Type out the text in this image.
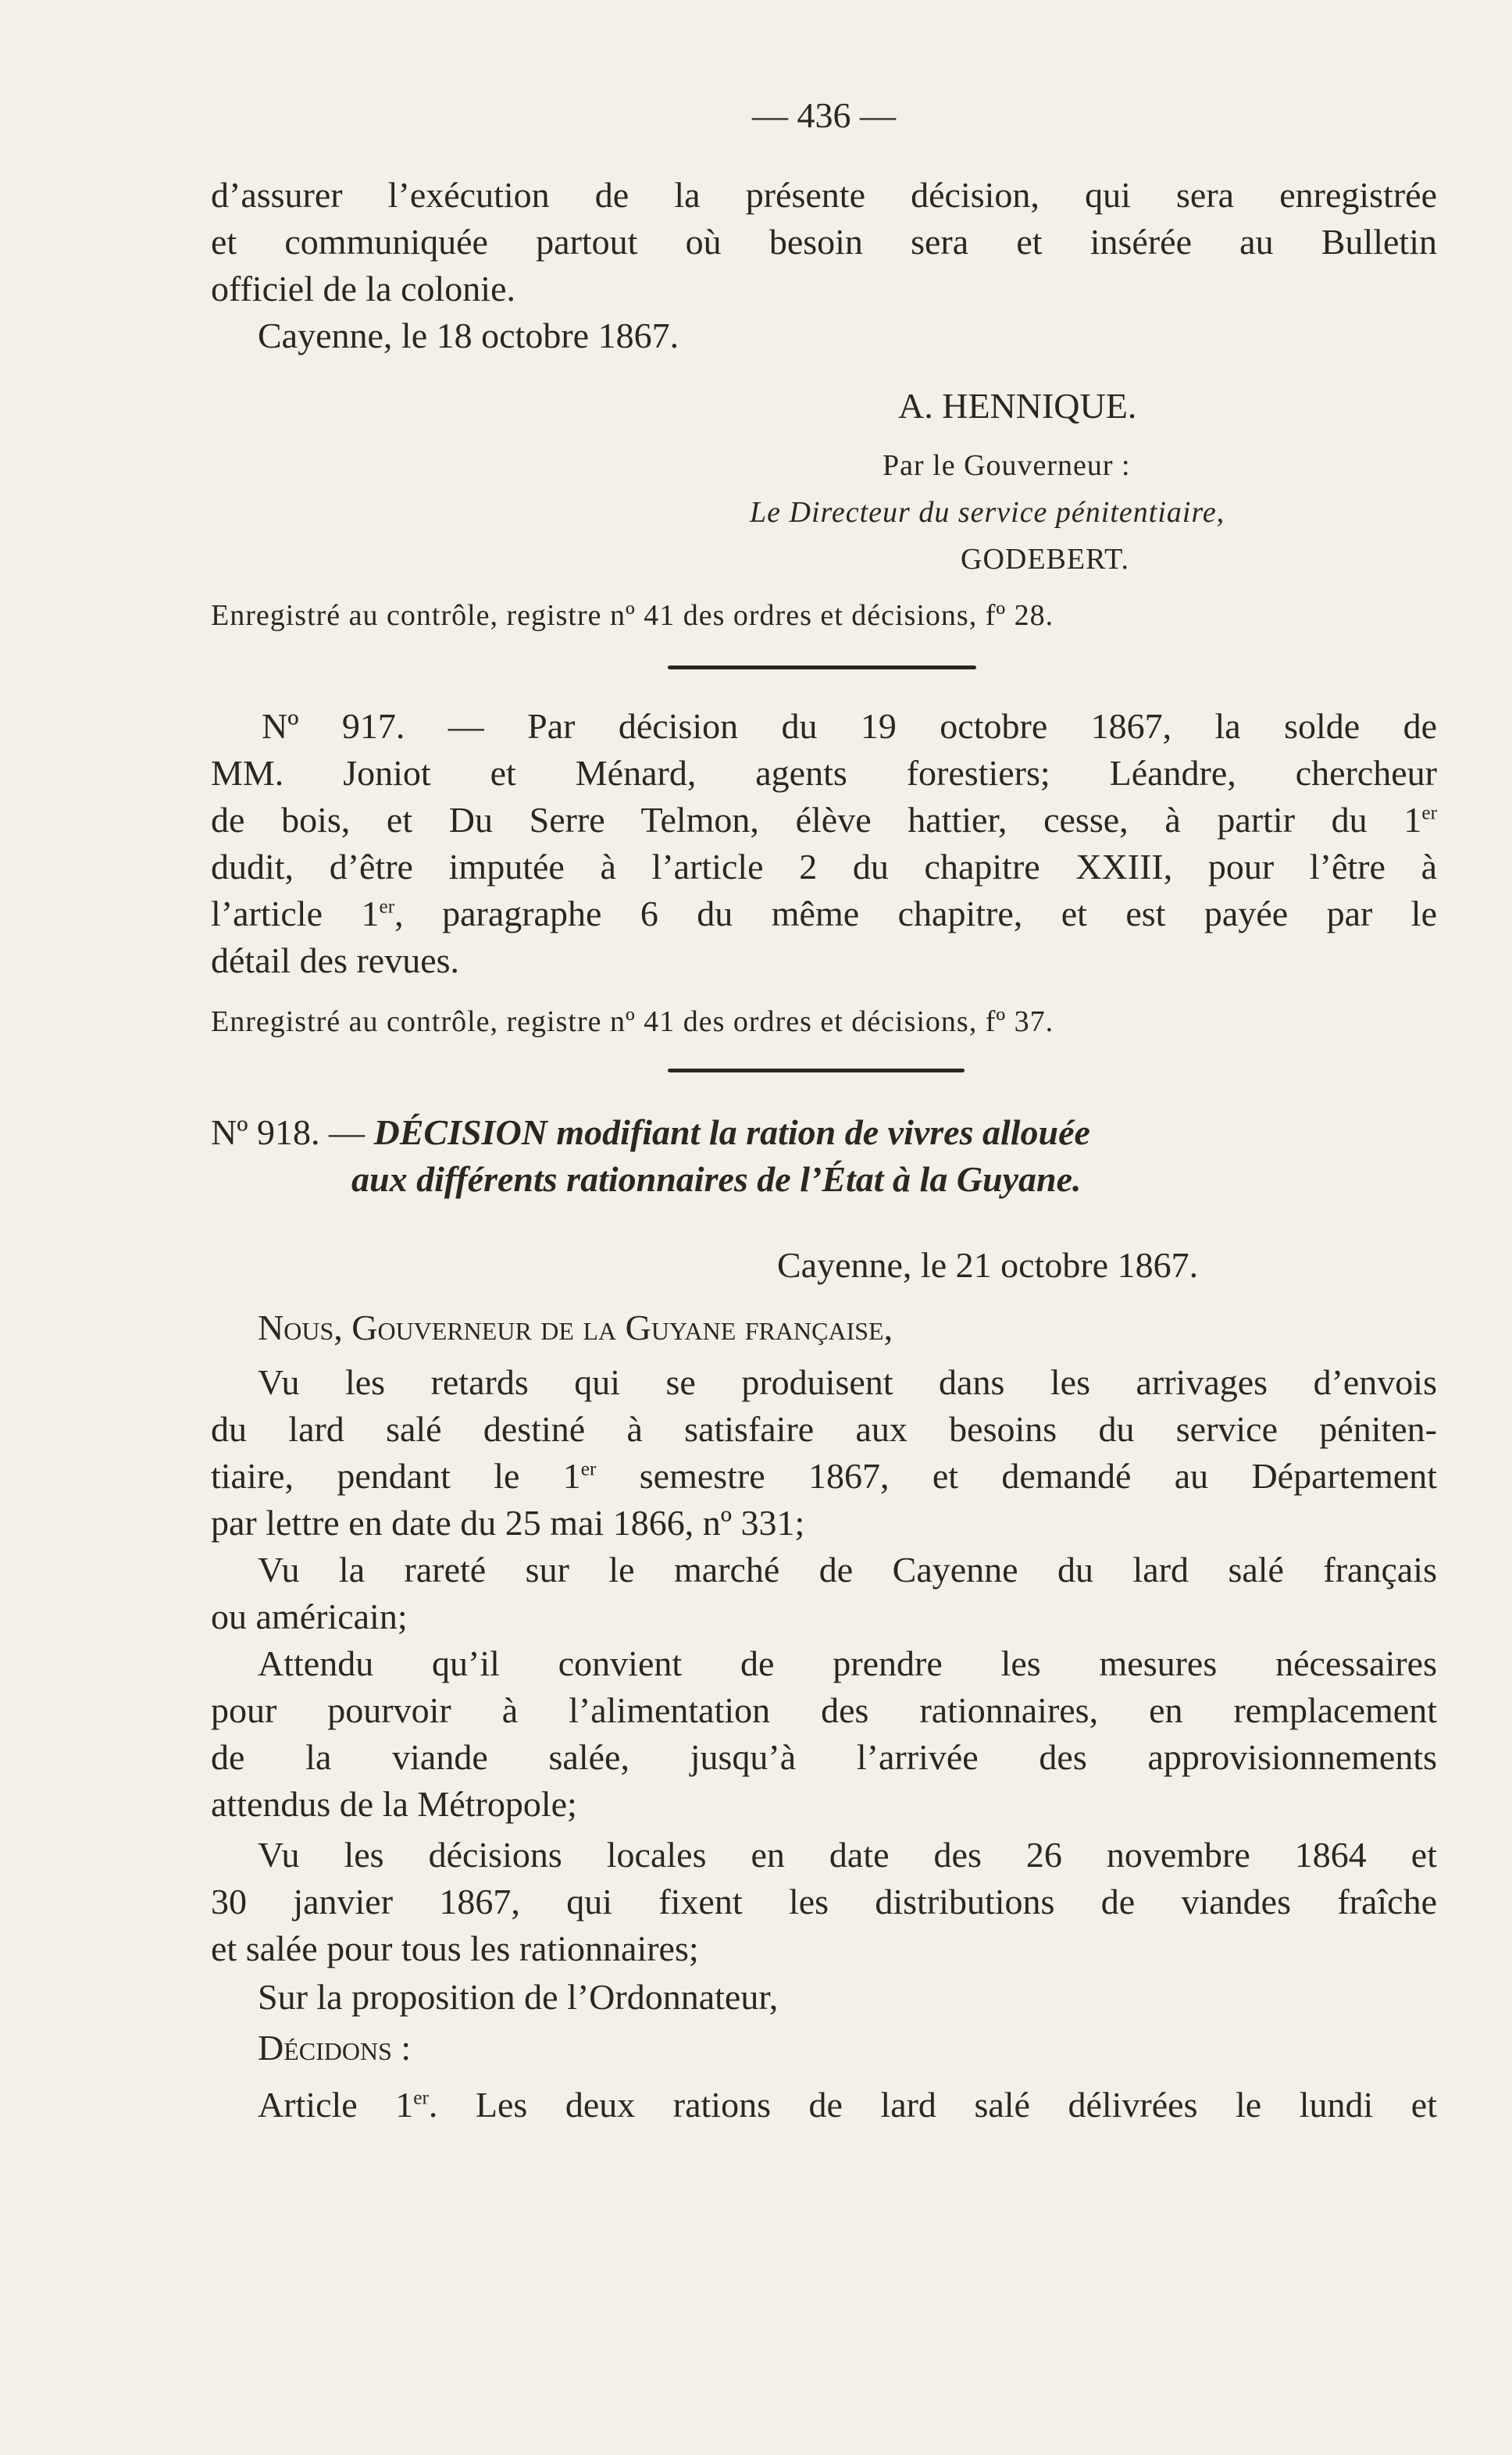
— 436 —
d’assurer l’exécution de la présente décision, qui sera enregistrée
et communiquée partout où besoin sera et insérée au Bulletin
officiel de la colonie.
Cayenne, le 18 octobre 1867.
A. HENNIQUE.
Par le Gouverneur :
Le Directeur du service pénitentiaire,
GODEBERT.
Enregistré au contrôle, registre nº 41 des ordres et décisions, fº 28.
Nº 917. — Par décision du 19 octobre 1867, la solde de
MM. Joniot et Ménard, agents forestiers; Léandre, chercheur
de bois, et Du Serre Telmon, élève hattier, cesse, à partir du 1er
dudit, d’être imputée à l’article 2 du chapitre XXIII, pour l’être à
l’article 1er, paragraphe 6 du même chapitre, et est payée par le
détail des revues.
Enregistré au contrôle, registre nº 41 des ordres et décisions, fº 37.
Nº 918. — DÉCISION modifiant la ration de vivres allouée
aux différents rationnaires de l’État à la Guyane.
Cayenne, le 21 octobre 1867.
Nous, Gouverneur de la Guyane française,
Vu les retards qui se produisent dans les arrivages d’envois
du lard salé destiné à satisfaire aux besoins du service péniten-
tiaire, pendant le 1er semestre 1867, et demandé au Département
par lettre en date du 25 mai 1866, nº 331;
Vu la rareté sur le marché de Cayenne du lard salé français
ou américain;
Attendu qu’il convient de prendre les mesures nécessaires
pour pourvoir à l’alimentation des rationnaires, en remplacement
de la viande salée, jusqu’à l’arrivée des approvisionnements
attendus de la Métropole;
Vu les décisions locales en date des 26 novembre 1864 et
30 janvier 1867, qui fixent les distributions de viandes fraîche
et salée pour tous les rationnaires;
Sur la proposition de l’Ordonnateur,
Décidons :
Article 1er. Les deux rations de lard salé délivrées le lundi et
